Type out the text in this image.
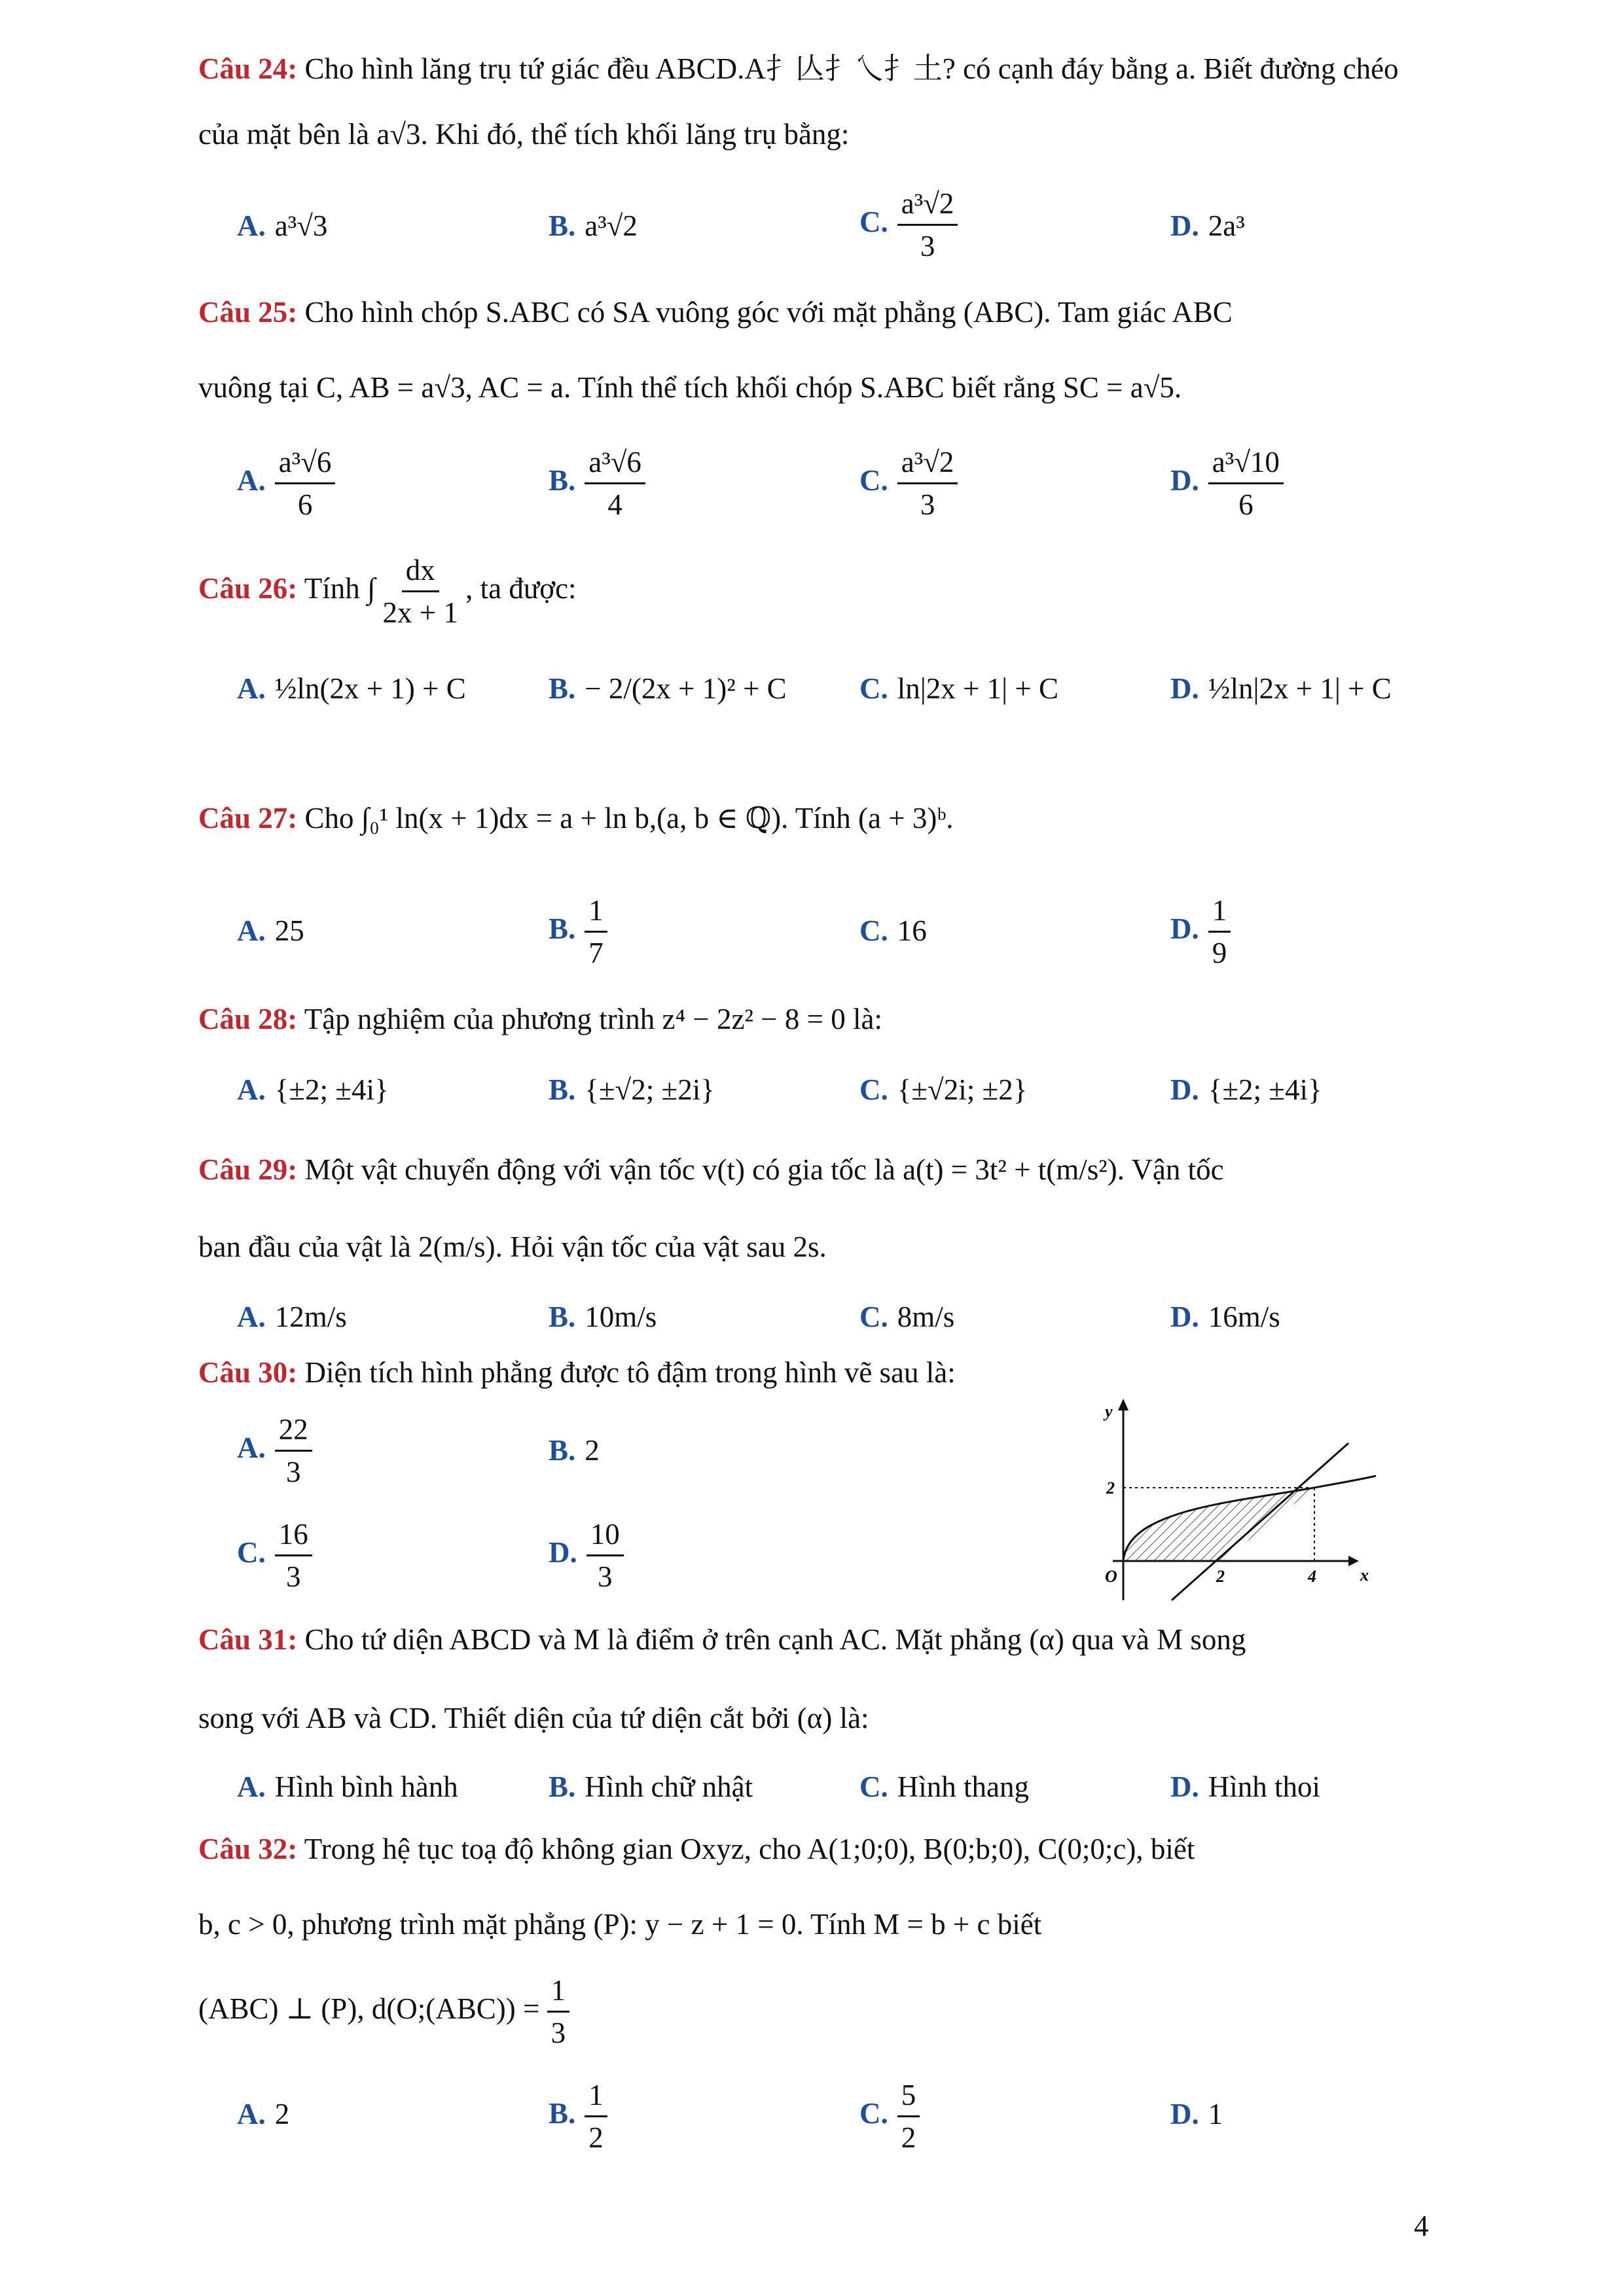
Câu 24: Cho hình lăng trụ tứ giác đều ABCD.A扌亾扌乀扌土? có cạnh đáy bằng a. Biết đường chéo
của mặt bên là a√3. Khi đó, thể tích khối lăng trụ bằng:
A. a³√3	B. a³√2	C. $\frac{\text{a³√2}}{3}$	D. 2a³
Câu 25: Cho hình chóp S.ABC có SA vuông góc với mặt phẳng (ABC). Tam giác ABC
vuông tại C, AB = a√3, AC = a. Tính thể tích khối chóp S.ABC biết rằng SC = a√5.
A. $\frac{\text{a³√6}}{6}$	B. $\frac{\text{a³√6}}{4}$	C. $\frac{\text{a³√2}}{3}$	D. $\frac{\text{a³√10}}{6}$
Câu 26: Tính ∫ $\frac{dx}{2x + 1}$ , ta được:
A. ½ln(2x + 1) + C	B. − 2/(2x + 1)² + C C. ln|2x + 1| + C	D. ½ln|2x + 1| + C
Câu 27: Cho ∫₀¹ ln(x + 1)dx = a + ln b,(a, b ∈ ℚ). Tính (a + 3)ᵇ.
A. 25	B. $\frac{1}{7}$	C. 16	D. $\frac{1}{9}$
Câu 28: Tập nghiệm của phương trình z⁴ − 2z² − 8 = 0 là:
A. {±2; ±4i}	B. {±√2; ±2i}	C. {±√2i; ±2}	D. {±2; ±4i}
Câu 29: Một vật chuyển động với vận tốc v(t) có gia tốc là a(t) = 3t² + t(m/s²). Vận tốc
ban đầu của vật là 2(m/s). Hỏi vận tốc của vật sau 2s.
A. 12m/s	B. 10m/s	C. 8m/s	D. 16m/s
Câu 30: Diện tích hình phẳng được tô đậm trong hình vẽ sau là:
A. $\frac{22}{3}$	B. 2
C. $\frac{16}{3}$	D. $\frac{10}{3}$
y
x
O
2
2	4
Câu 31: Cho tứ diện ABCD và M là điểm ở trên cạnh AC. Mặt phẳng (α) qua và M song
song với AB và CD. Thiết diện của tứ diện cắt bởi (α) là:
A. Hình bình hành	B. Hình chữ nhật	C. Hình thang	D. Hình thoi
Câu 32: Trong hệ tục toạ độ không gian Oxyz, cho A(1;0;0), B(0;b;0), C(0;0;c), biết
b, c > 0, phương trình mặt phẳng (P): y − z + 1 = 0. Tính M = b + c biết
(ABC) ⊥ (P), d(O;(ABC)) = $\frac{1}{3}$
A. 2	B. $\frac{1}{2}$	C. $\frac{5}{2}$	D. 1
4
